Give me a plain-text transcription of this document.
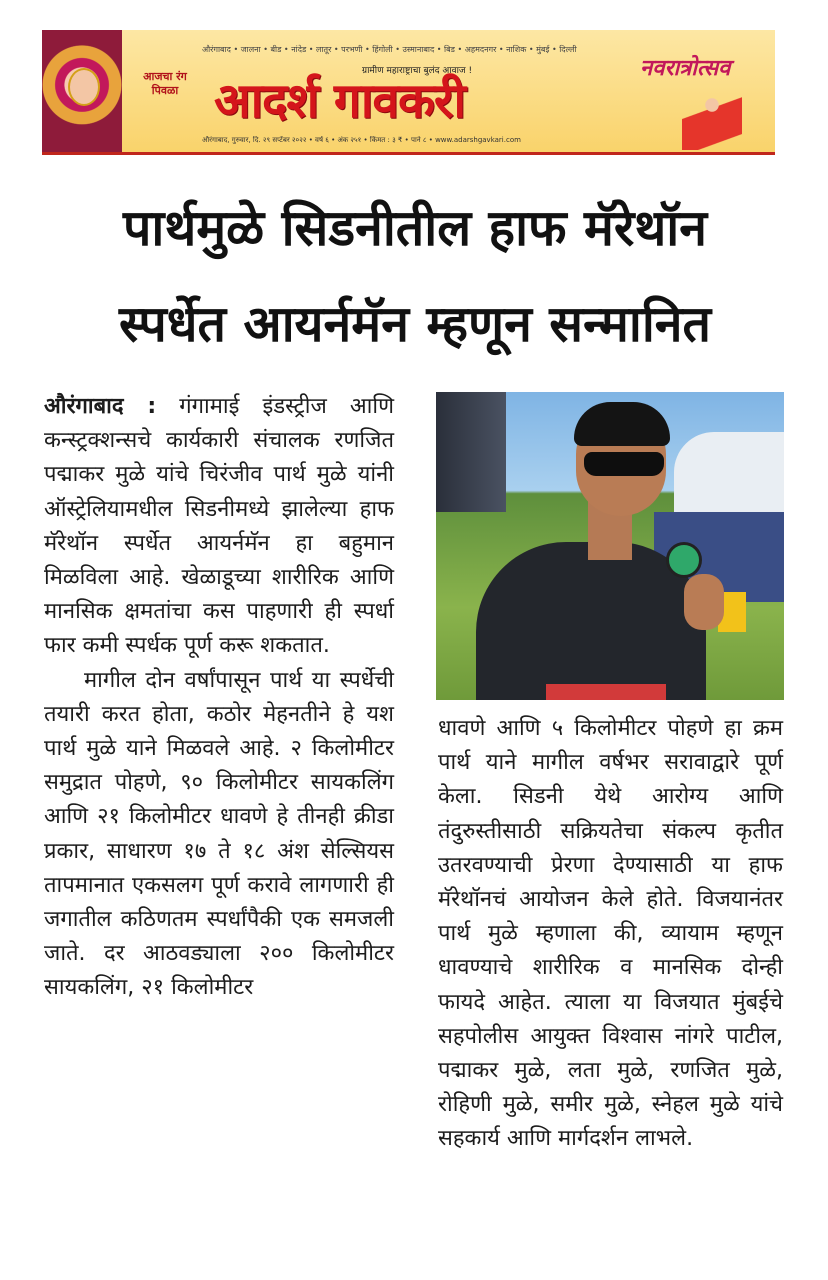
आजचा रंग पिवळा
औरंगाबाद • जालना • बीड • नांदेड • लातूर • परभणी • हिंगोली • उस्मानाबाद • बिड • अहमदनगर • नाशिक • मुंबई • दिल्ली
ग्रामीण महाराष्ट्राचा बुलंद आवाज !
आदर्श गावकरी
औरंगाबाद, गुरुवार, दि. २९ सप्टेंबर २०२२ • वर्ष ६ • अंक २५१ • किंमत : ३ ₹ • पाने ८ • www.adarshgavkari.com
नवरात्रोत्सव
पार्थमुळे सिडनीतील हाफ मॅरेथॉन
स्पर्धेत आयर्नमॅन म्हणून सन्मानित

औरंगाबाद : गंगामाई इंडस्ट्रीज आणि कन्स्ट्रक्शन्सचे कार्यकारी संचालक रणजित पद्माकर मुळे यांचे चिरंजीव पार्थ मुळे यांनी ऑस्ट्रेलियामधील सिडनीमध्ये झालेल्या हाफ मॅरेथॉन स्पर्धेत आयर्नमॅन हा बहुमान मिळविला आहे. खेळाडूच्या शारीरिक आणि मानसिक क्षमतांचा कस पाहणारी ही स्पर्धा फार कमी स्पर्धक पूर्ण करू शकतात.

मागील दोन वर्षांपासून पार्थ या स्पर्धेची तयारी करत होता, कठोर मेहनतीने हे यश पार्थ मुळे याने मिळवले आहे. २ किलोमीटर समुद्रात पोहणे, ९० किलोमीटर सायकलिंग आणि २१ किलोमीटर धावणे हे तीनही क्रीडा प्रकार, साधारण १७ ते १८ अंश सेल्सियस तापमानात एकसलग पूर्ण करावे लागणारी ही जगातील कठिणतम स्पर्धांपैकी एक समजली जाते. दर आठवड्याला २०० किलोमीटर सायकलिंग, २१ किलोमीटर

धावणे आणि ५ किलोमीटर पोहणे हा क्रम पार्थ याने मागील वर्षभर सरावाद्वारे पूर्ण केला. सिडनी येथे आरोग्य आणि तंदुरुस्तीसाठी सक्रियतेचा संकल्प कृतीत उतरवण्याची प्रेरणा देण्यासाठी या हाफ मॅरेथॉनचं आयोजन केले होते. विजयानंतर पार्थ मुळे म्हणाला की, व्यायाम म्हणून धावण्याचे शारीरिक व मानसिक दोन्ही फायदे आहेत. त्याला या विजयात मुंबईचे सहपोलीस आयुक्त विश्वास नांगरे पाटील, पद्माकर मुळे, लता मुळे, रणजित मुळे, रोहिणी मुळे, समीर मुळे, स्नेहल मुळे यांचे सहकार्य आणि मार्गदर्शन लाभले.
